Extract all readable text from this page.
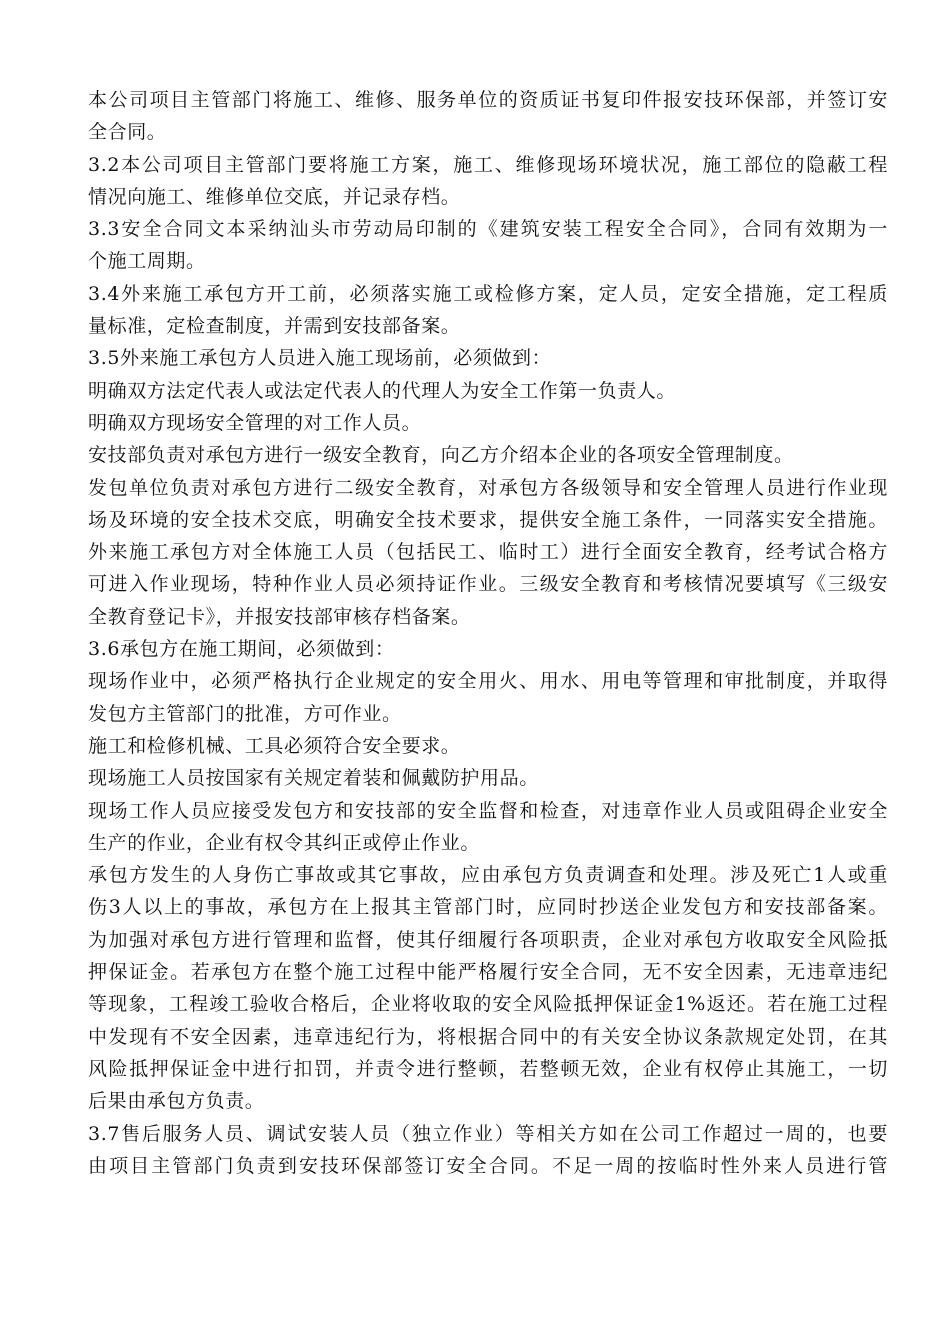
本公司项目主管部门将施工、维修、服务单位的资质证书复印件报安技环保部，并签订安
全合同。
3.2本公司项目主管部门要将施工方案，施工、维修现场环境状况，施工部位的隐蔽工程
情况向施工、维修单位交底，并记录存档。
3.3安全合同文本采纳汕头市劳动局印制的《建筑安装工程安全合同》，合同有效期为一
个施工周期。
3.4外来施工承包方开工前，必须落实施工或检修方案，定人员，定安全措施，定工程质
量标准，定检查制度，并需到安技部备案。
3.5外来施工承包方人员进入施工现场前，必须做到：
明确双方法定代表人或法定代表人的代理人为安全工作第一负责人。
明确双方现场安全管理的对工作人员。
安技部负责对承包方进行一级安全教育，向乙方介绍本企业的各项安全管理制度。
发包单位负责对承包方进行二级安全教育，对承包方各级领导和安全管理人员进行作业现
场及环境的安全技术交底，明确安全技术要求，提供安全施工条件，一同落实安全措施。
外来施工承包方对全体施工人员（包括民工、临时工）进行全面安全教育，经考试合格方
可进入作业现场，特种作业人员必须持证作业。三级安全教育和考核情况要填写《三级安
全教育登记卡》，并报安技部审核存档备案。
3.6承包方在施工期间，必须做到：
现场作业中，必须严格执行企业规定的安全用火、用水、用电等管理和审批制度，并取得
发包方主管部门的批准，方可作业。
施工和检修机械、工具必须符合安全要求。
现场施工人员按国家有关规定着装和佩戴防护用品。
现场工作人员应接受发包方和安技部的安全监督和检查，对违章作业人员或阻碍企业安全
生产的作业，企业有权令其纠正或停止作业。
承包方发生的人身伤亡事故或其它事故，应由承包方负责调查和处理。涉及死亡1人或重
伤3人以上的事故，承包方在上报其主管部门时，应同时抄送企业发包方和安技部备案。
为加强对承包方进行管理和监督，使其仔细履行各项职责，企业对承包方收取安全风险抵
押保证金。若承包方在整个施工过程中能严格履行安全合同，无不安全因素，无违章违纪
等现象，工程竣工验收合格后，企业将收取的安全风险抵押保证金1%返还。若在施工过程
中发现有不安全因素，违章违纪行为，将根据合同中的有关安全协议条款规定处罚，在其
风险抵押保证金中进行扣罚，并责令进行整顿，若整顿无效，企业有权停止其施工，一切
后果由承包方负责。
3.7售后服务人员、调试安装人员（独立作业）等相关方如在公司工作超过一周的，也要
由项目主管部门负责到安技环保部签订安全合同。不足一周的按临时性外来人员进行管
